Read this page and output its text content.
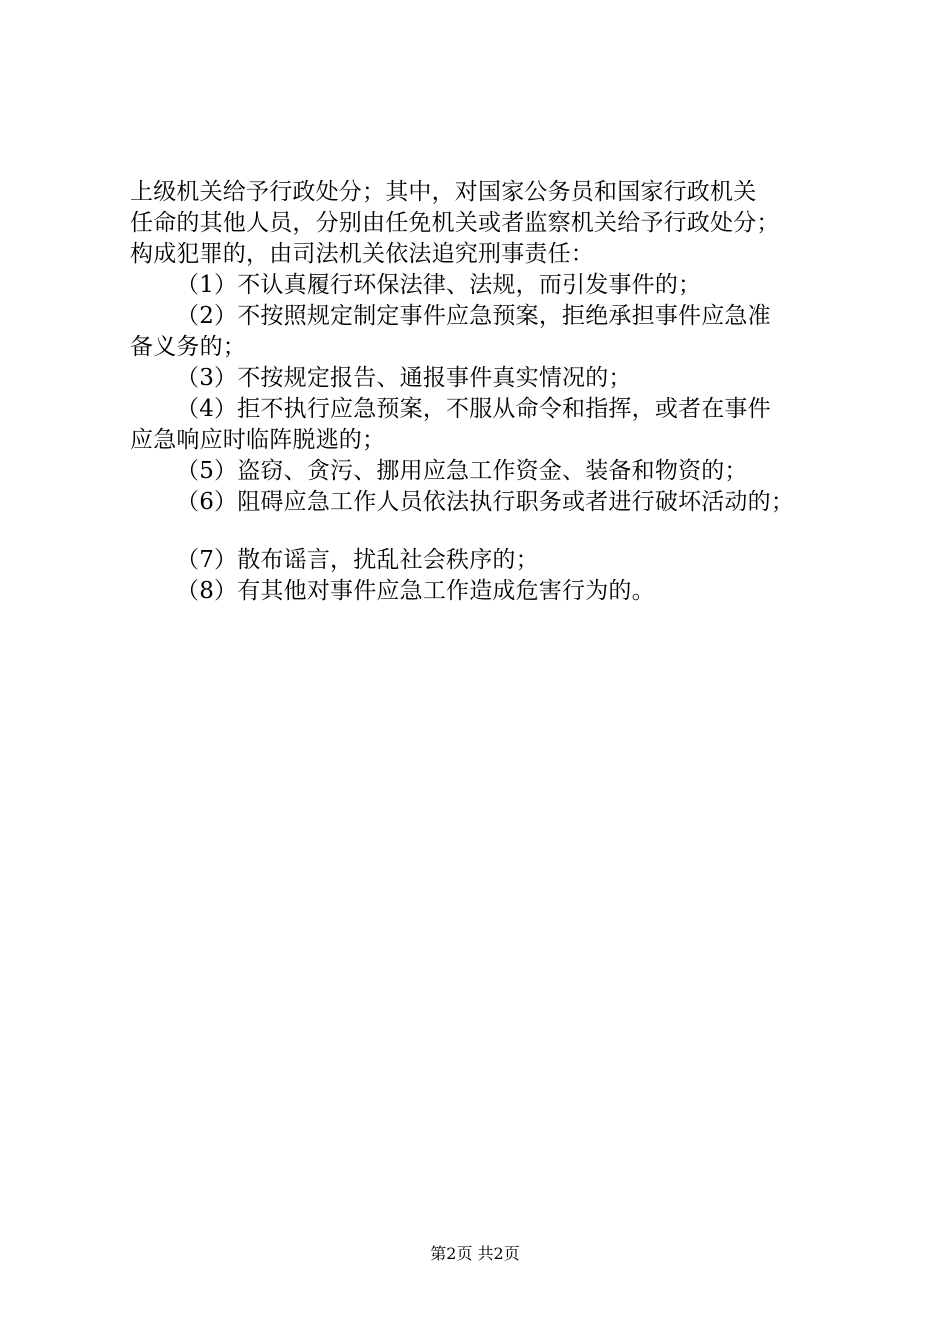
上级机关给予行政处分；其中，对国家公务员和国家行政机关
任命的其他人员，分别由任免机关或者监察机关给予行政处分；
构成犯罪的，由司法机关依法追究刑事责任：
（1）不认真履行环保法律、法规，而引发事件的；
（2）不按照规定制定事件应急预案，拒绝承担事件应急准
备义务的；
（3）不按规定报告、通报事件真实情况的；
（4）拒不执行应急预案，不服从命令和指挥，或者在事件
应急响应时临阵脱逃的；
（5）盗窃、贪污、挪用应急工作资金、装备和物资的；
（6）阻碍应急工作人员依法执行职务或者进行破坏活动的；
（7）散布谣言，扰乱社会秩序的；
（8）有其他对事件应急工作造成危害行为的。
第2页 共2页
